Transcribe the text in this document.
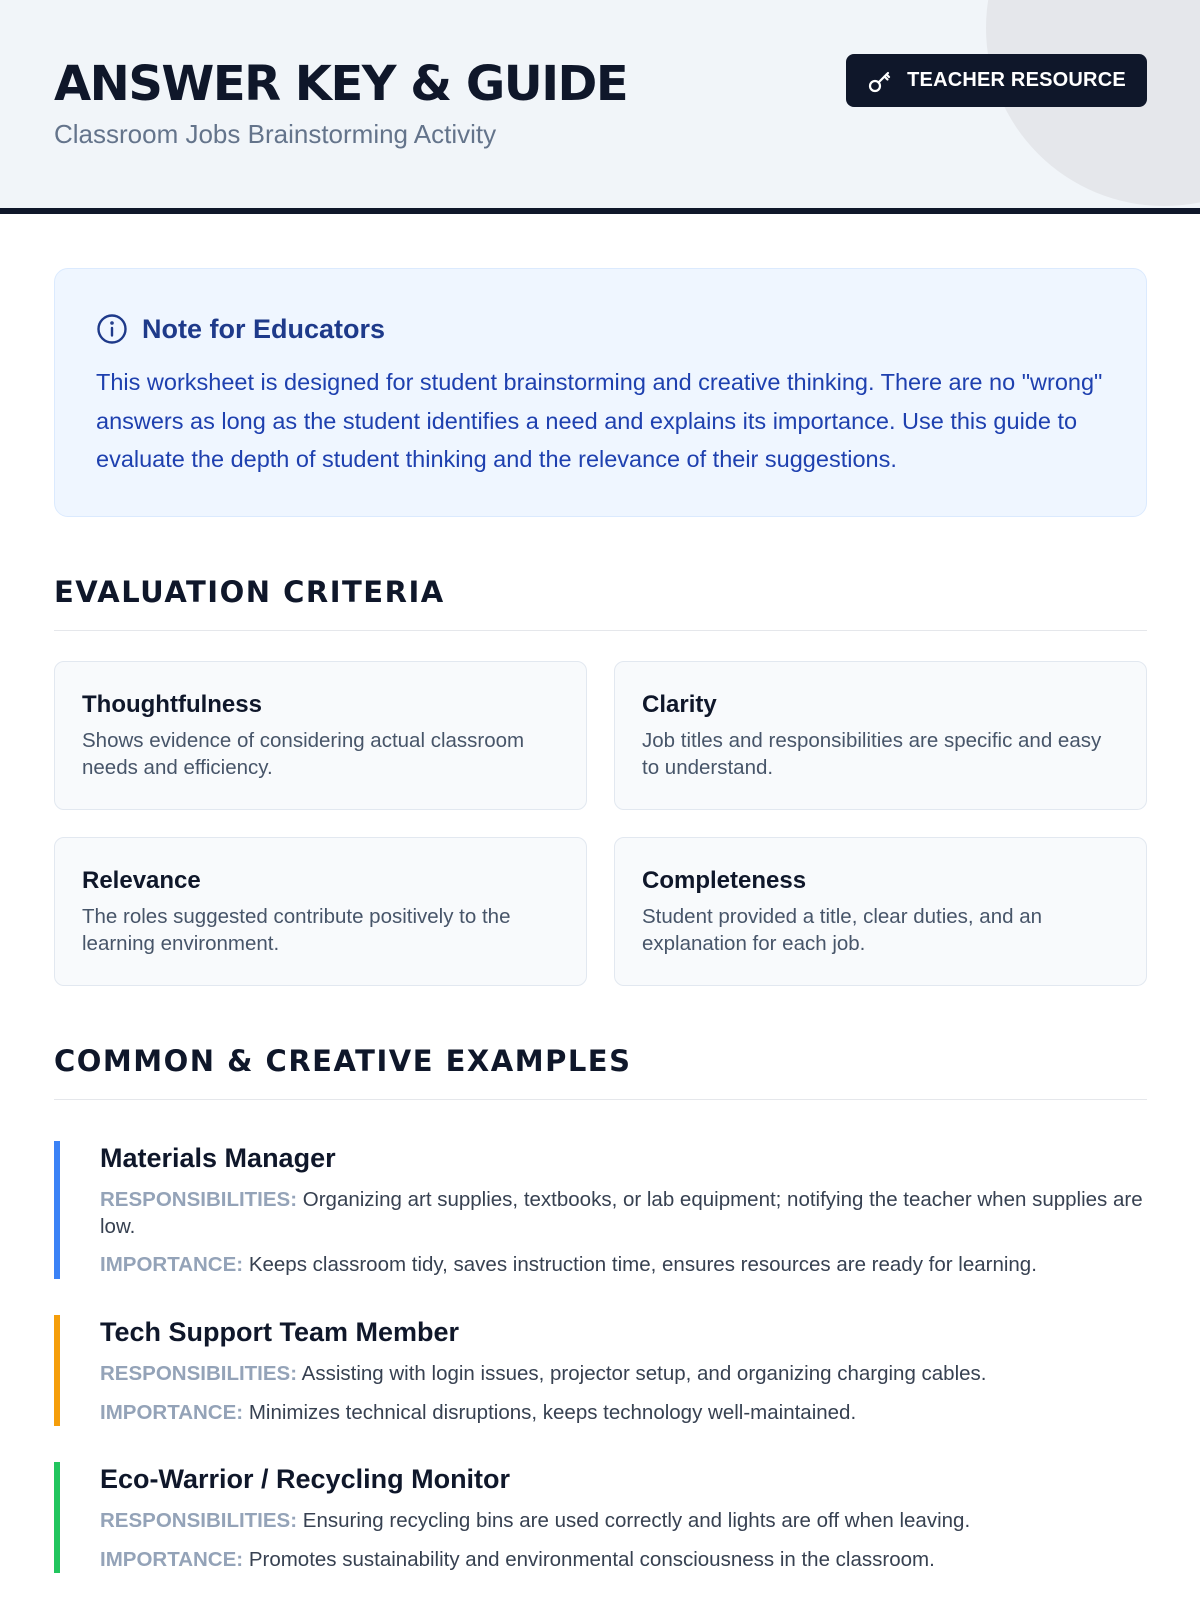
ANSWER KEY & GUIDE
Classroom Jobs Brainstorming Activity
TEACHER RESOURCE
Note for Educators

This worksheet is designed for student brainstorming and creative thinking. There are no "wrong" answers as long as the student identifies a need and explains its importance. Use this guide to evaluate the depth of student thinking and the relevance of their suggestions.

EVALUATION CRITERIA
Thoughtfulness
Shows evidence of considering actual classroom needs and efficiency.
Clarity
Job titles and responsibilities are specific and easy to understand.
Relevance
The roles suggested contribute positively to the learning environment.
Completeness
Student provided a title, clear duties, and an explanation for each job.
COMMON & CREATIVE EXAMPLES
Materials Manager
RESPONSIBILITIES: Organizing art supplies, textbooks, or lab equipment; notifying the teacher when supplies are low.
IMPORTANCE: Keeps classroom tidy, saves instruction time, ensures resources are ready for learning.
Tech Support Team Member
RESPONSIBILITIES: Assisting with login issues, projector setup, and organizing charging cables.
IMPORTANCE: Minimizes technical disruptions, keeps technology well-maintained.
Eco-Warrior / Recycling Monitor
RESPONSIBILITIES: Ensuring recycling bins are used correctly and lights are off when leaving.
IMPORTANCE: Promotes sustainability and environmental consciousness in the classroom.
